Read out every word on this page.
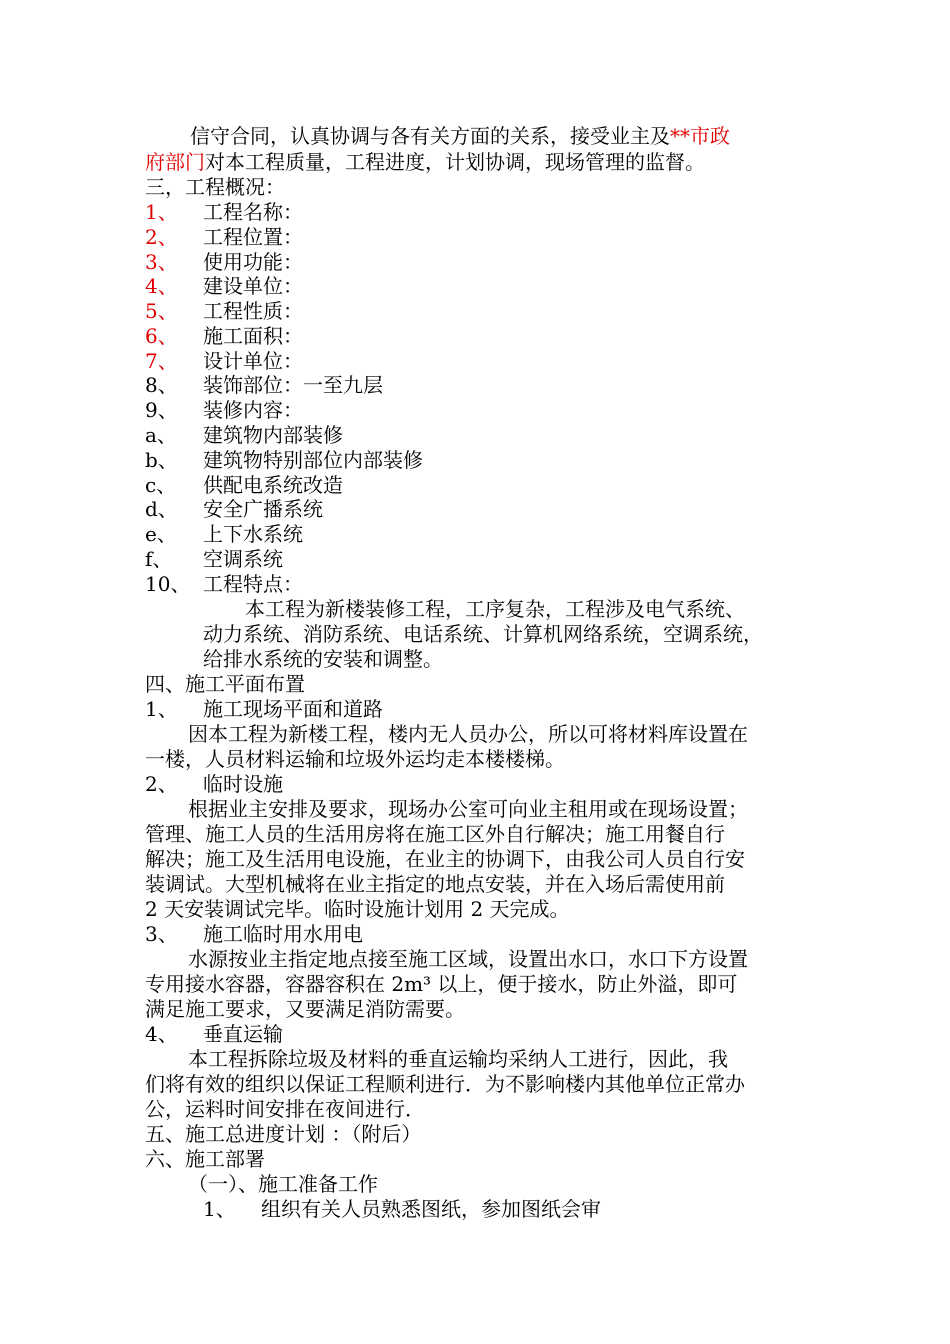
信守合同，认真协调与各有关方面的关系，接受业主及**市政
府部门对本工程质量，工程进度，计划协调，现场管理的监督。
三，工程概况：
1、 工程名称：
2、 工程位置：
3、 使用功能：
4、 建设单位：
5、 工程性质：
6、 施工面积：
7、 设计单位：
8、 装饰部位：一至九层
9、 装修内容：
a、 建筑物内部装修
b、 建筑物特别部位内部装修
c、 供配电系统改造
d、 安全广播系统
e、 上下水系统
f、 空调系统
10、 工程特点：
本工程为新楼装修工程，工序复杂，工程涉及电气系统、
动力系统、消防系统、电话系统、计算机网络系统，空调系统，
给排水系统的安装和调整。
四、施工平面布置
1、 施工现场平面和道路
因本工程为新楼工程，楼内无人员办公，所以可将材料库设置在
一楼，人员材料运输和垃圾外运均走本楼楼梯。
2、 临时设施
根据业主安排及要求，现场办公室可向业主租用或在现场设置；
管理、施工人员的生活用房将在施工区外自行解决；施工用餐自行
解决；施工及生活用电设施，在业主的协调下，由我公司人员自行安
装调试。大型机械将在业主指定的地点安装，并在入场后需使用前
2 天安装调试完毕。临时设施计划用 2 天完成。
3、 施工临时用水用电
水源按业主指定地点接至施工区域，设置出水口，水口下方设置
专用接水容器，容器容积在 2m³ 以上，便于接水，防止外溢，即可
满足施工要求，又要满足消防需要。
4、 垂直运输
本工程拆除垃圾及材料的垂直运输均采纳人工进行，因此，我
们将有效的组织以保证工程顺利进行．为不影响楼内其他单位正常办
公，运料时间安排在夜间进行．
五、施工总进度计划 ：（附后）
六、施工部署
（一）、施工准备工作
1、 组织有关人员熟悉图纸，参加图纸会审
